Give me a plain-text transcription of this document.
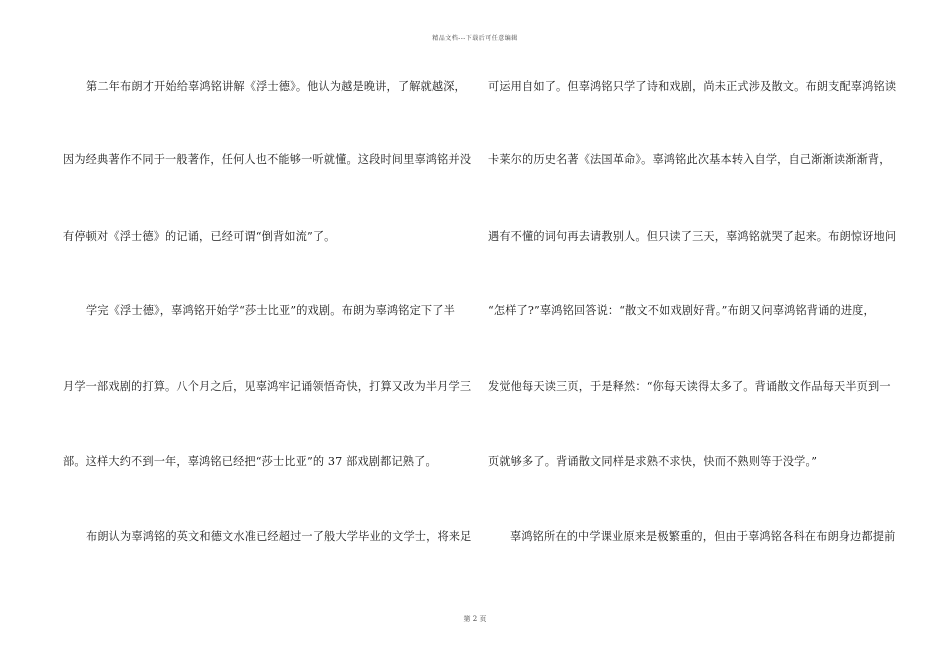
精品文档---下载后可任意编辑
第二年布朗才开始给辜鸿铭讲解《浮士德》。他认为越是晚讲，了解就越深，
因为经典著作不同于一般著作，任何人也不能够一听就懂。这段时间里辜鸿铭并没
有停顿对《浮士德》的记诵，已经可谓“倒背如流”了。
学完《浮士德》，辜鸿铭开始学“莎士比亚”的戏剧。布朗为辜鸿铭定下了半
月学一部戏剧的打算。八个月之后，见辜鸿牢记诵领悟奇快，打算又改为半月学三
部。这样大约不到一年，辜鸿铭已经把“莎士比亚”的 37 部戏剧都记熟了。
布朗认为辜鸿铭的英文和德文水准已经超过一了般大学毕业的文学士，将来足
可运用自如了。但辜鸿铭只学了诗和戏剧，尚未正式涉及散文。布朗支配辜鸿铭读
卡莱尔的历史名著《法国革命》。辜鸿铭此次基本转入自学，自己渐渐读渐渐背，
遇有不懂的词句再去请教别人。但只读了三天，辜鸿铭就哭了起来。布朗惊讶地问
“怎样了?”辜鸿铭回答说：“散文不如戏剧好背。”布朗又问辜鸿铭背诵的进度，
发觉他每天读三页，于是释然：“你每天读得太多了。背诵散文作品每天半页到一
页就够多了。背诵散文同样是求熟不求快，快而不熟则等于没学。”
辜鸿铭所在的中学课业原来是极繁重的，但由于辜鸿铭各科在布朗身边都提前
第 2 页
